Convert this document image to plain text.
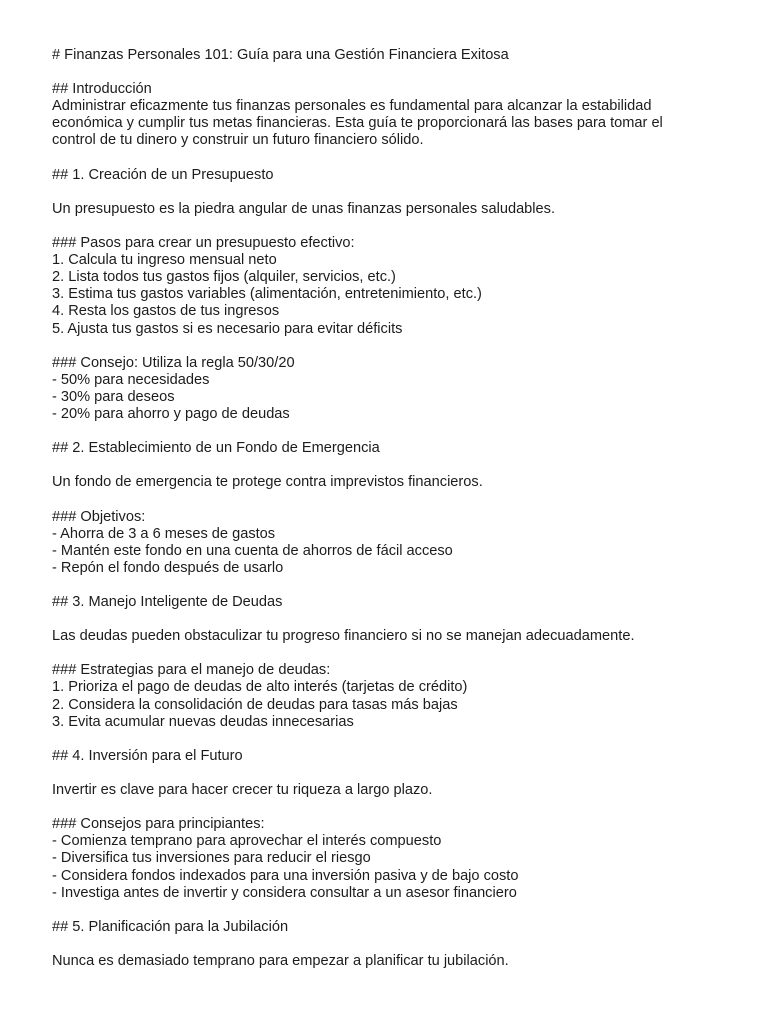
# Finanzas Personales 101: Guía para una Gestión Financiera Exitosa
## Introducción
Administrar eficazmente tus finanzas personales es fundamental para alcanzar la estabilidad
económica y cumplir tus metas financieras. Esta guía te proporcionará las bases para tomar el
control de tu dinero y construir un futuro financiero sólido.
## 1. Creación de un Presupuesto
Un presupuesto es la piedra angular de unas finanzas personales saludables.
### Pasos para crear un presupuesto efectivo:
1. Calcula tu ingreso mensual neto
2. Lista todos tus gastos fijos (alquiler, servicios, etc.)
3. Estima tus gastos variables (alimentación, entretenimiento, etc.)
4. Resta los gastos de tus ingresos
5. Ajusta tus gastos si es necesario para evitar déficits
### Consejo: Utiliza la regla 50/30/20
- 50% para necesidades
- 30% para deseos
- 20% para ahorro y pago de deudas
## 2. Establecimiento de un Fondo de Emergencia
Un fondo de emergencia te protege contra imprevistos financieros.
### Objetivos:
- Ahorra de 3 a 6 meses de gastos
- Mantén este fondo en una cuenta de ahorros de fácil acceso
- Repón el fondo después de usarlo
## 3. Manejo Inteligente de Deudas
Las deudas pueden obstaculizar tu progreso financiero si no se manejan adecuadamente.
### Estrategias para el manejo de deudas:
1. Prioriza el pago de deudas de alto interés (tarjetas de crédito)
2. Considera la consolidación de deudas para tasas más bajas
3. Evita acumular nuevas deudas innecesarias
## 4. Inversión para el Futuro
Invertir es clave para hacer crecer tu riqueza a largo plazo.
### Consejos para principiantes:
- Comienza temprano para aprovechar el interés compuesto
- Diversifica tus inversiones para reducir el riesgo
- Considera fondos indexados para una inversión pasiva y de bajo costo
- Investiga antes de invertir y considera consultar a un asesor financiero
## 5. Planificación para la Jubilación
Nunca es demasiado temprano para empezar a planificar tu jubilación.
